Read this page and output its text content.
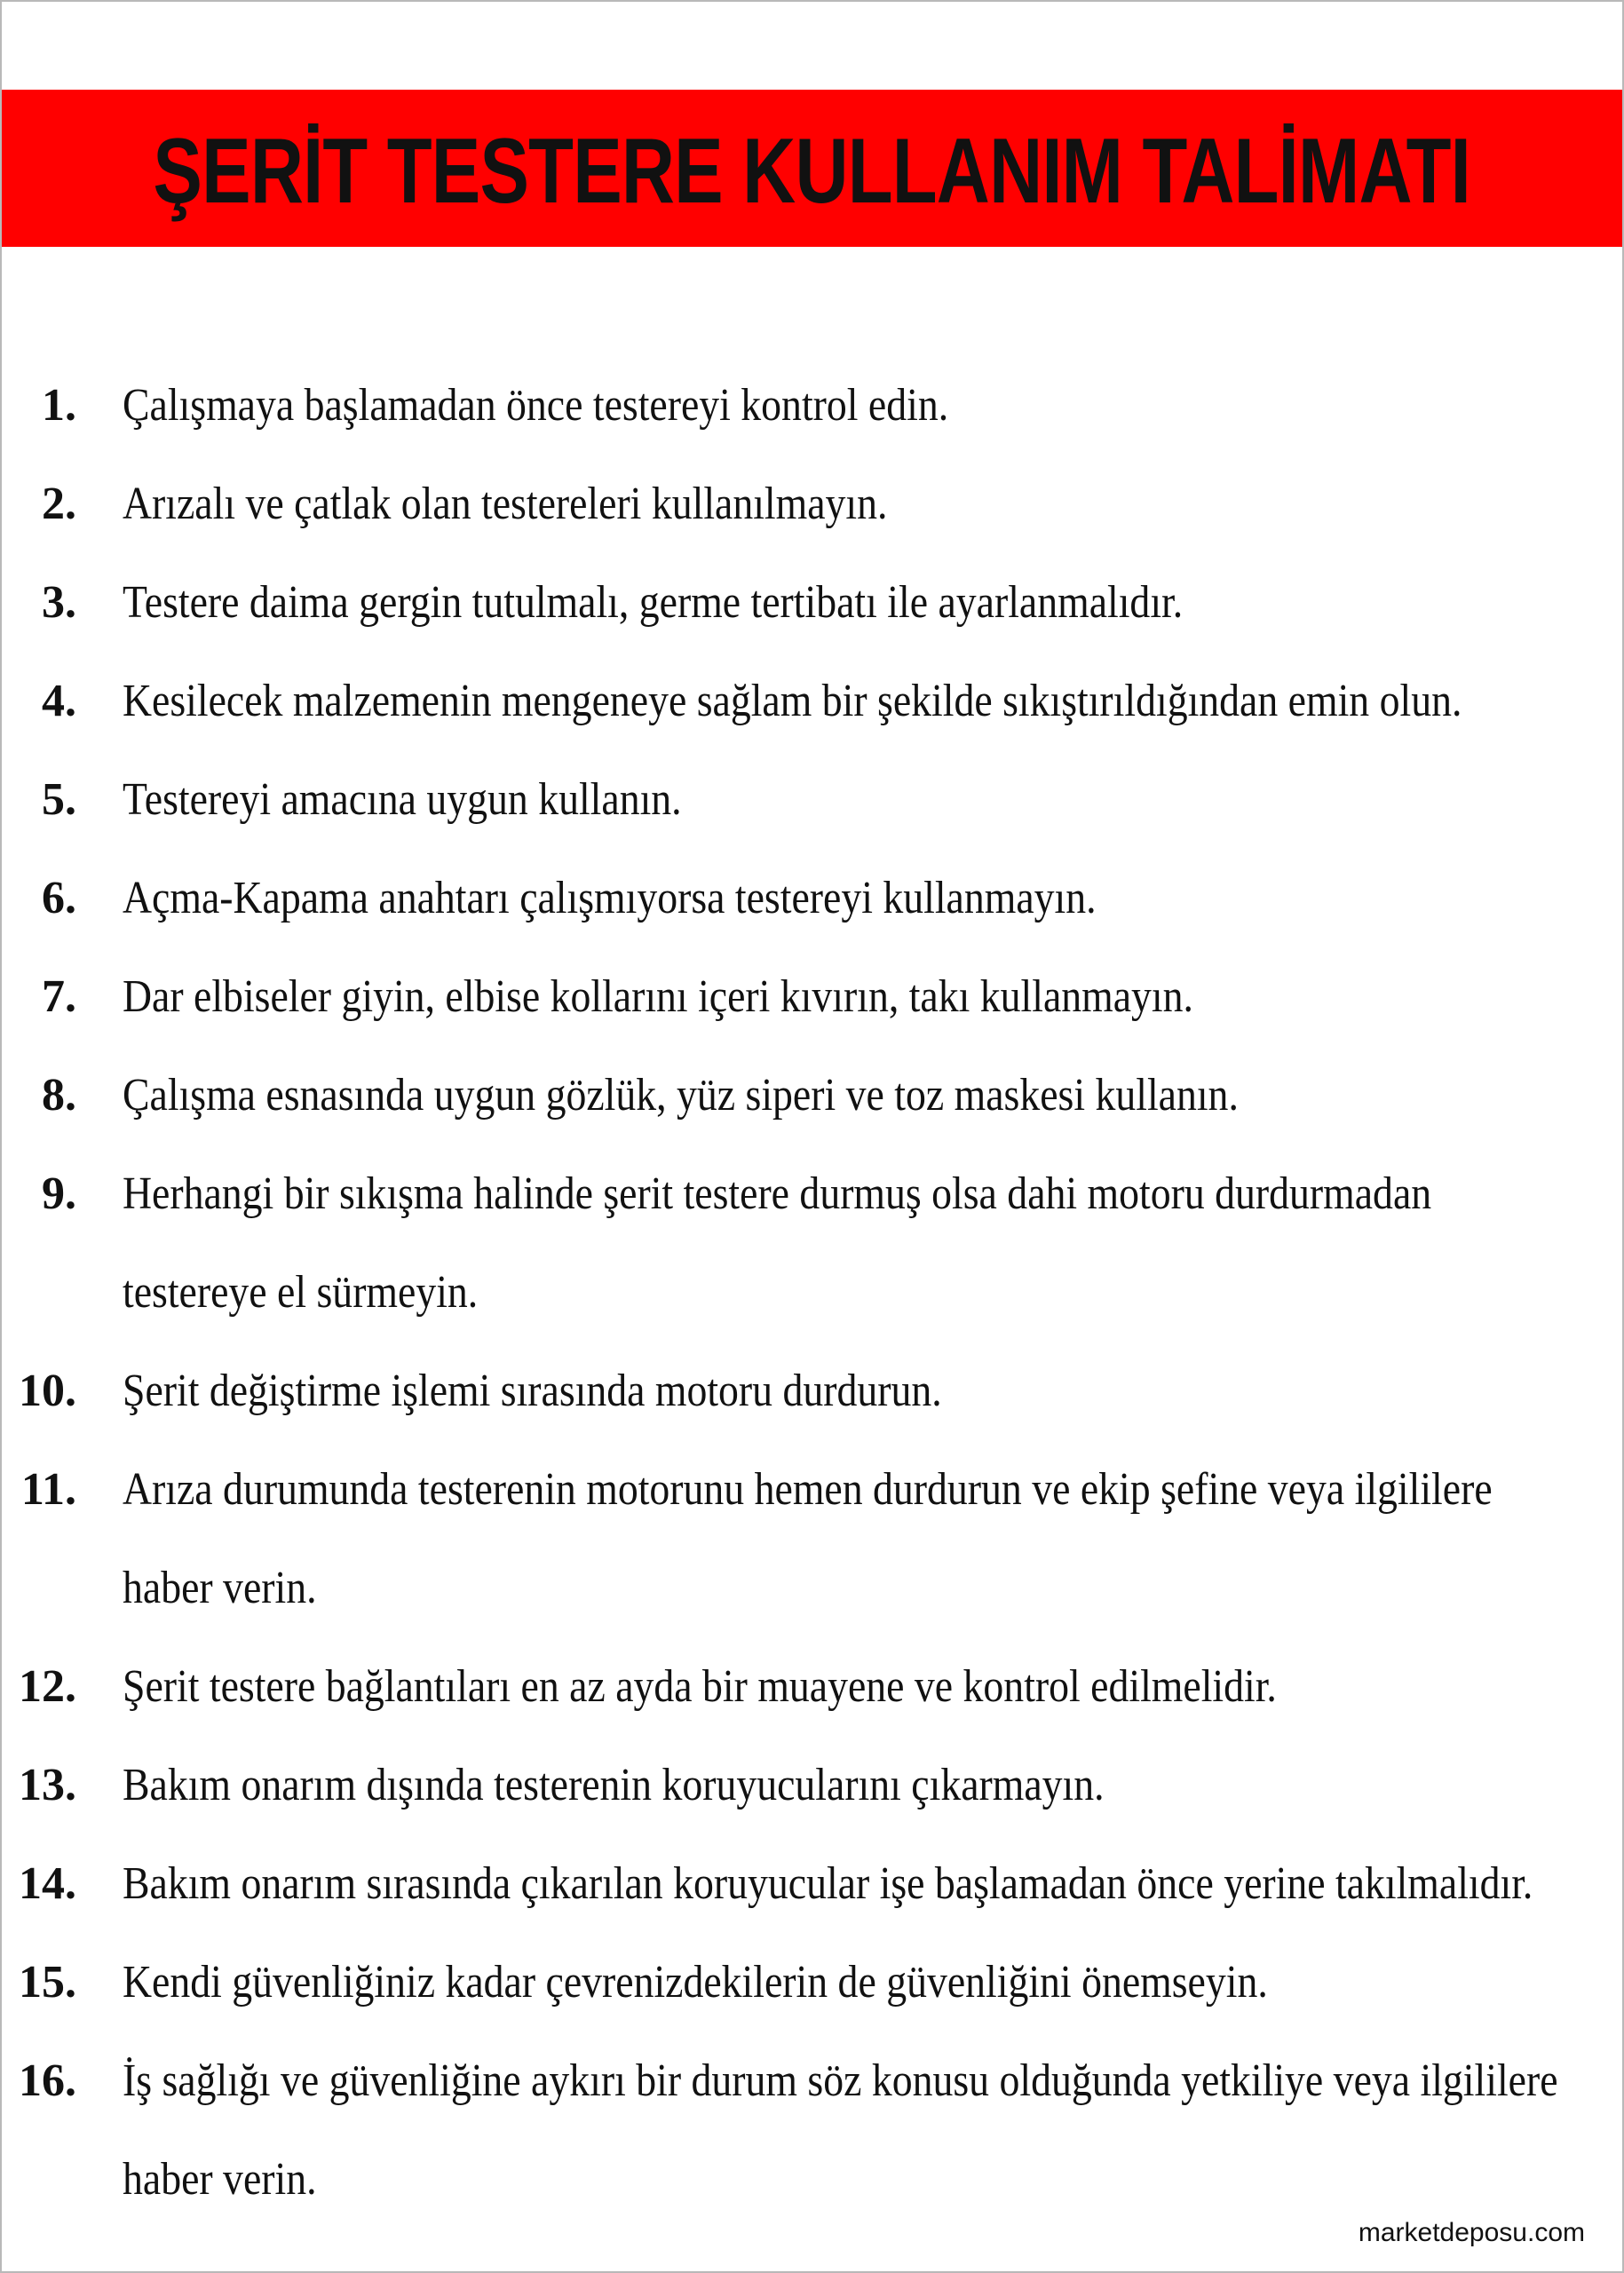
ŞERİT TESTERE KULLANIM TALİMATI
1. Çalışmaya başlamadan önce testereyi kontrol edin.
2. Arızalı ve çatlak olan testereleri kullanılmayın.
3. Testere daima gergin tutulmalı, germe tertibatı ile ayarlanmalıdır.
4. Kesilecek malzemenin mengeneye sağlam bir şekilde sıkıştırıldığından emin olun.
5. Testereyi amacına uygun kullanın.
6. Açma-Kapama anahtarı çalışmıyorsa testereyi kullanmayın.
7. Dar elbiseler giyin, elbise kollarını içeri kıvırın, takı kullanmayın.
8. Çalışma esnasında uygun gözlük, yüz siperi ve toz maskesi kullanın.
9. Herhangi bir sıkışma halinde şerit testere durmuş olsa dahi motoru durdurmadan
testereye el sürmeyin.
10. Şerit değiştirme işlemi sırasında motoru durdurun.
11. Arıza durumunda testerenin motorunu hemen durdurun ve ekip şefine veya ilgililere
haber verin.
12. Şerit testere bağlantıları en az ayda bir muayene ve kontrol edilmelidir.
13. Bakım onarım dışında testerenin koruyucularını çıkarmayın.
14. Bakım onarım sırasında çıkarılan koruyucular işe başlamadan önce yerine takılmalıdır.
15. Kendi güvenliğiniz kadar çevrenizdekilerin de güvenliğini önemseyin.
16. İş sağlığı ve güvenliğine aykırı bir durum söz konusu olduğunda yetkiliye veya ilgililere
haber verin.
marketdeposu.com
